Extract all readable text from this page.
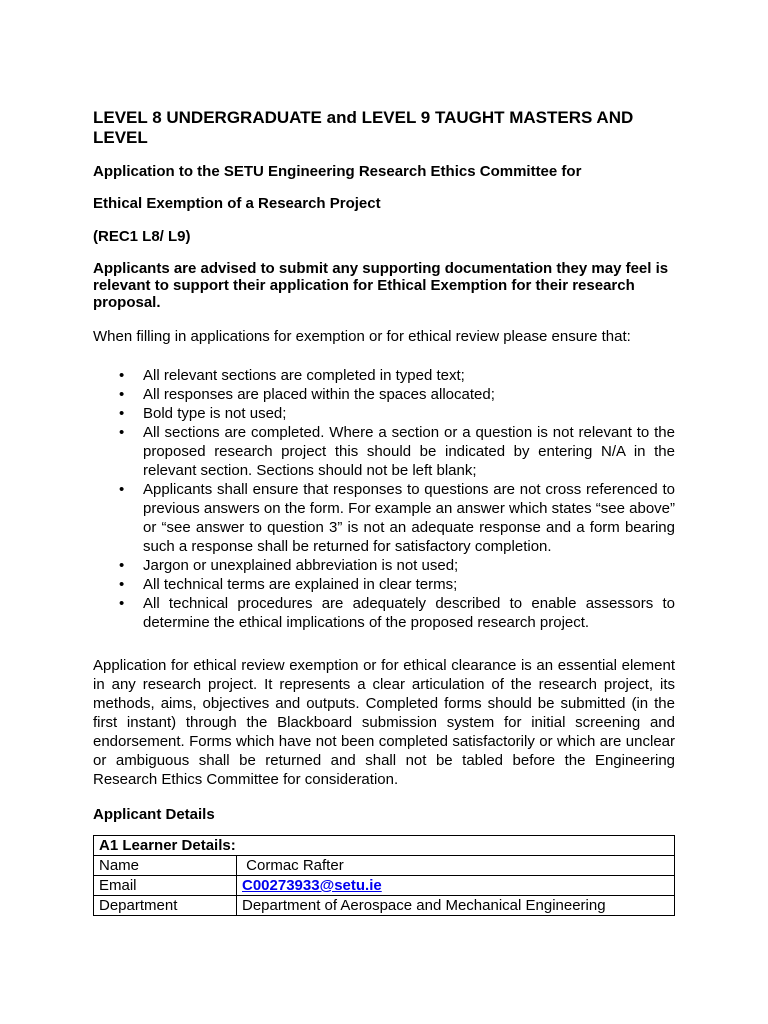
LEVEL 8 UNDERGRADUATE and LEVEL 9 TAUGHT MASTERS AND LEVEL
Application to the SETU Engineering Research Ethics Committee for
Ethical Exemption of a Research Project
(REC1 L8/ L9)
Applicants are advised to submit any supporting documentation they may feel is relevant to support their application for Ethical Exemption for their research proposal.
When filling in applications for exemption or for ethical review please ensure that:
• All relevant sections are completed in typed text;
• All responses are placed within the spaces allocated;
• Bold type is not used;
• All sections are completed. Where a section or a question is not relevant to the proposed research project this should be indicated by entering N/A in the relevant section. Sections should not be left blank;
• Applicants shall ensure that responses to questions are not cross referenced to previous answers on the form. For example an answer which states “see above” or “see answer to question 3” is not an adequate response and a form bearing such a response shall be returned for satisfactory completion.
• Jargon or unexplained abbreviation is not used;
• All technical terms are explained in clear terms;
• All technical procedures are adequately described to enable assessors to determine the ethical implications of the proposed research project.
Application for ethical review exemption or for ethical clearance is an essential element in any research project. It represents a clear articulation of the research project, its methods, aims, objectives and outputs. Completed forms should be submitted (in the first instant) through the Blackboard submission system for initial screening and endorsement. Forms which have not been completed satisfactorily or which are unclear or ambiguous shall be returned and shall not be tabled before the Engineering Research Ethics Committee for consideration.
Applicant Details
A1 Learner Details:	
Name	Cormac Rafter
Email	C00273933@setu.ie
Department	Department of Aerospace and Mechanical Engineering
